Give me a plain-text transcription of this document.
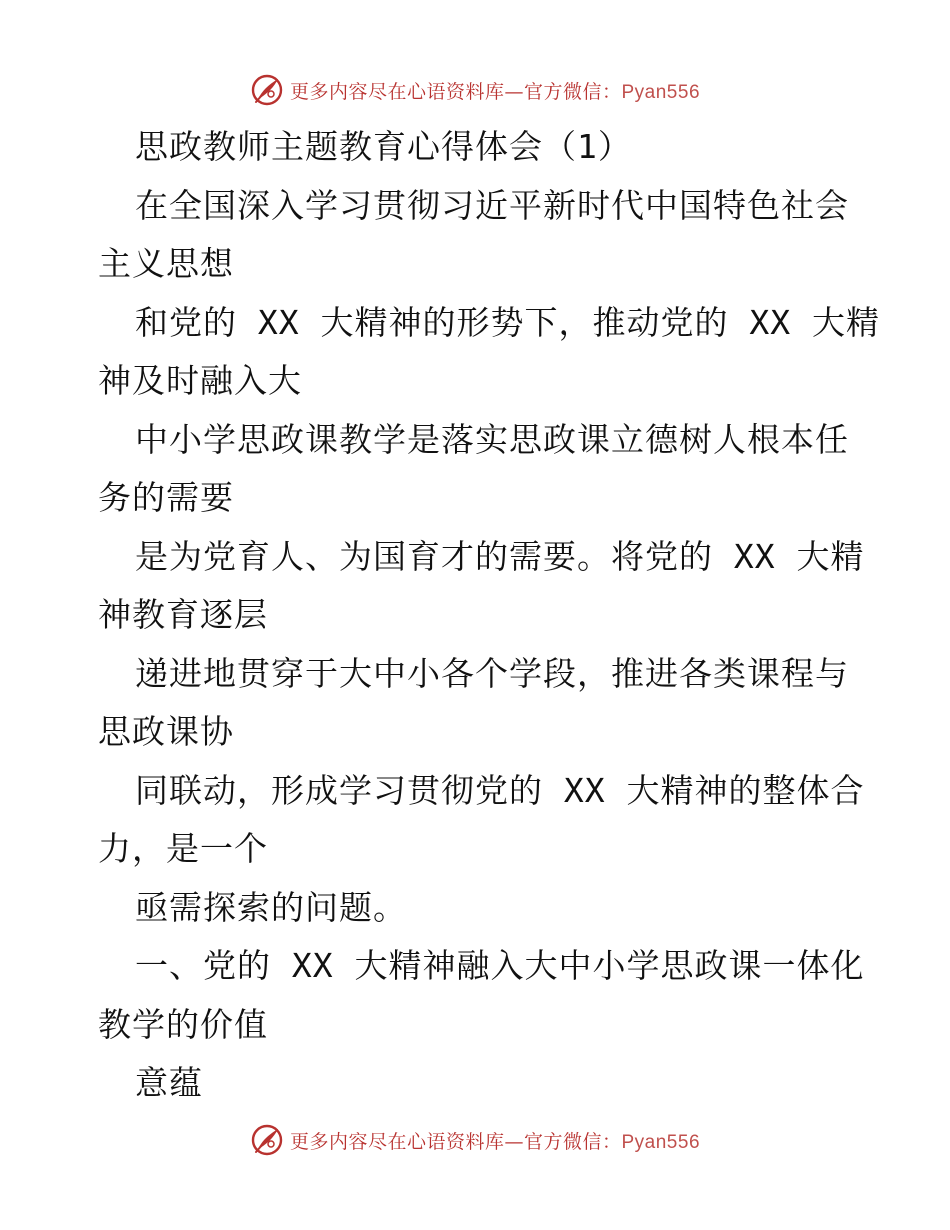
更多内容尽在心语资料库—官方微信：Pyan556
思政教师主题教育心得体会（1）
在全国深入学习贯彻习近平新时代中国特色社会
主义思想
和党的 XX 大精神的形势下，推动党的 XX 大精
神及时融入大
中小学思政课教学是落实思政课立德树人根本任
务的需要
是为党育人、为国育才的需要。将党的 XX 大精
神教育逐层
递进地贯穿于大中小各个学段，推进各类课程与
思政课协
同联动，形成学习贯彻党的 XX 大精神的整体合
力，是一个
亟需探索的问题。
一、党的 XX 大精神融入大中小学思政课一体化
教学的价值
意蕴
更多内容尽在心语资料库—官方微信：Pyan556
